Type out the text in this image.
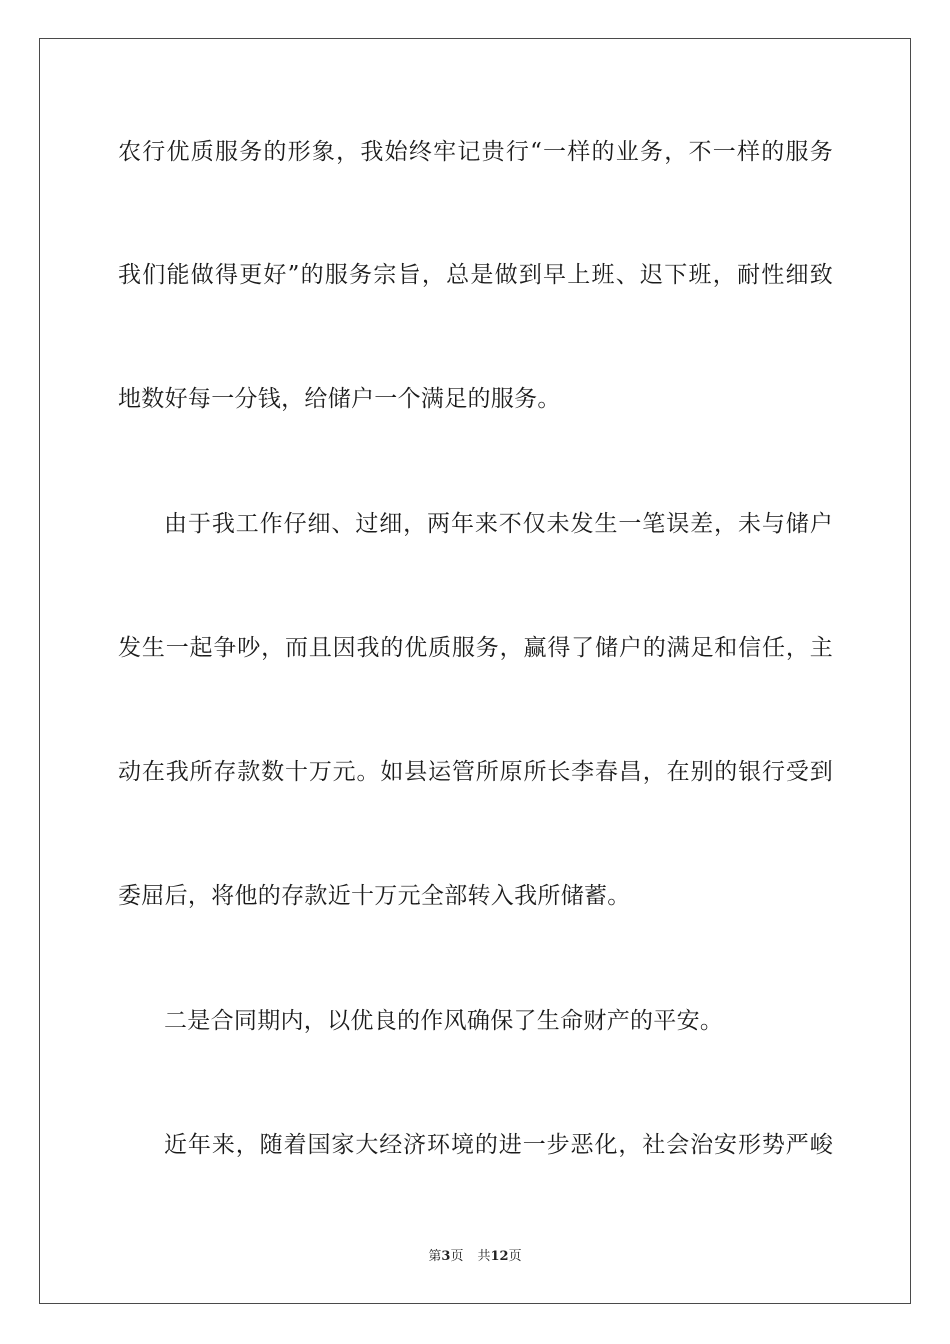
农行优质服务的形象，我始终牢记贵行“一样的业务，不一样的服务
我们能做得更好”的服务宗旨，总是做到早上班、迟下班，耐性细致
地数好每一分钱，给储户一个满足的服务。
由于我工作仔细、过细，两年来不仅未发生一笔误差，未与储户
发生一起争吵，而且因我的优质服务，赢得了储户的满足和信任，主
动在我所存款数十万元。如县运管所原所长李春昌，在别的银行受到
委屈后，将他的存款近十万元全部转入我所储蓄。
二是合同期内，以优良的作风确保了生命财产的平安。
近年来，随着国家大经济环境的进一步恶化，社会治安形势严峻
第3页 共12页
